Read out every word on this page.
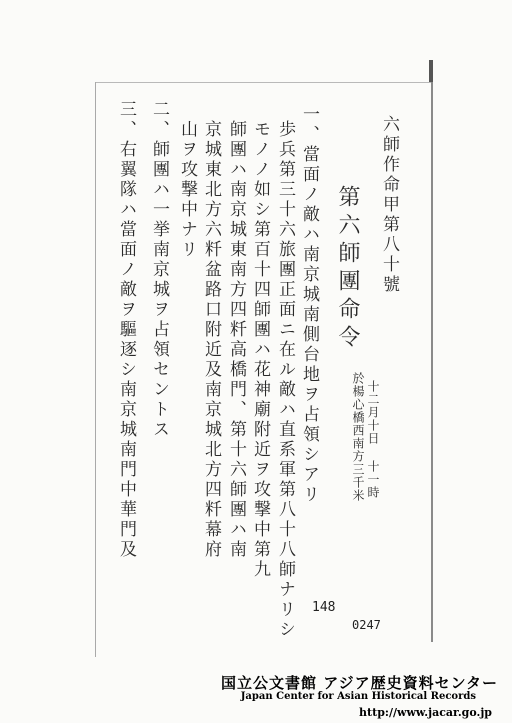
六師作命甲第八十號
第六師團命令
十二月十日 十一時
於楊心橋西南方三千米
一、當面ノ敵ハ南京城南側台地ヲ占領シアリ
歩兵第三十六旅團正面ニ在ル敵ハ直系軍第八十八師ナリシ
モノノ如シ第百十四師團ハ花神廟附近ヲ攻撃中第九
師團ハ南京城東南方四粁高橋門、第十六師團ハ南
京城東北方六粁盆路口附近及南京城北方四粁幕府
山ヲ攻撃中ナリ
二、師團ハ一挙南京城ヲ占領セントス
三、右翼隊ハ當面ノ敵ヲ驅逐シ南京城南門中華門及
148
0247
国立公文書館 アジア歴史資料センター
Japan Center for Asian Historical Records
http://www.jacar.go.jp
